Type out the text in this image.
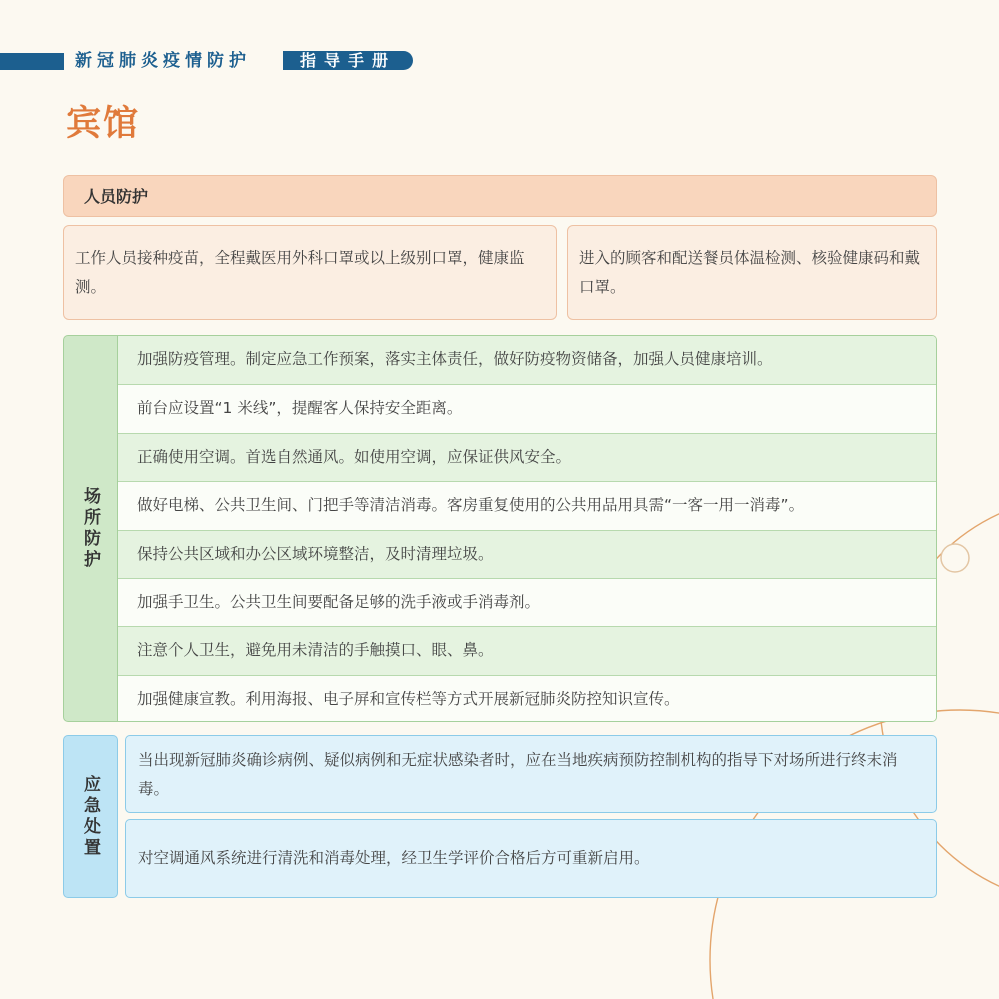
新冠肺炎疫情防护	指导手册
宾馆
人员防护
工作人员接种疫苗，全程戴医用外科口罩或以上级别口罩，健康监测。
进入的顾客和配送餐员体温检测、核验健康码和戴口罩。
场所防护
加强防疫管理。制定应急工作预案，落实主体责任，做好防疫物资储备，加强人员健康培训。
前台应设置“1 米线”，提醒客人保持安全距离。
正确使用空调。首选自然通风。如使用空调，应保证供风安全。
做好电梯、公共卫生间、门把手等清洁消毒。客房重复使用的公共用品用具需“一客一用一消毒”。
保持公共区域和办公区域环境整洁，及时清理垃圾。
加强手卫生。公共卫生间要配备足够的洗手液或手消毒剂。
注意个人卫生，避免用未清洁的手触摸口、眼、鼻。
加强健康宣教。利用海报、电子屏和宣传栏等方式开展新冠肺炎防控知识宣传。
应急处置
当出现新冠肺炎确诊病例、疑似病例和无症状感染者时，应在当地疾病预防控制机构的指导下对场所进行终末消毒。
对空调通风系统进行清洗和消毒处理，经卫生学评价合格后方可重新启用。
